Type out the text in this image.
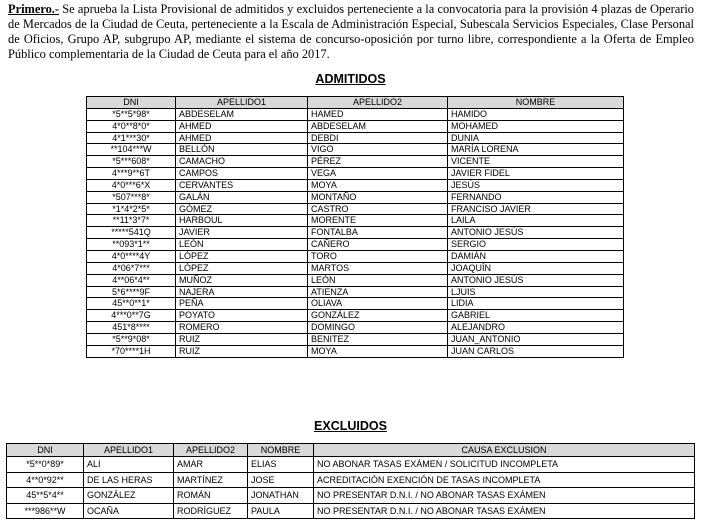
Primero.- Se aprueba la Lista Provisional de admitidos y excluidos perteneciente a la convocatoria para la provisión 4 plazas de Operario de Mercados de la Ciudad de Ceuta, perteneciente a la Escala de Administración Especial, Subescala Servicios Especiales, Clase Personal de Oficios, Grupo AP, subgrupo AP, mediante el sistema de concurso-oposición por turno libre, correspondiente a la Oferta de Empleo Público complementaria de la Ciudad de Ceuta para el año 2017.
ADMITIDOS
DNI	APELLIDO1	APELLIDO2	NOMBRE
*5**5*98*	ABDESELAM	HAMED	HAMIDO
4*0**8*0*	AHMED	ABDESELAM	MOHAMED
4*1***30*	AHMED	DEBDI	DUNIA
**104***W	BELLÓN	VIGO	MARÍA LORENA
*5***608*	CAMACHO	PÉREZ	VICENTE
4***9**6T	CAMPOS	VEGA	JAVIER FIDEL
4*0***6*X	CERVANTES	MOYA	JESÚS
*507***8*	GALÁN	MONTAÑO	FERNANDO
*1*4*2*5*	GÓMEZ	CASTRO	FRANCISO JAVIER
**11*3*7*	HARBOUL	MORENTE	LAILA
*****541Q	JAVIER	FONTALBA	ANTONIO JESÚS
**093*1**	LEÓN	CAÑERO	SERGIO
4*0****4Y	LÓPEZ	TORO	DAMIÁN
4*06*7***	LÓPEZ	MARTOS	JOAQUÍN
4**06*4**	MUÑOZ	LEÓN	ANTONIO JESÚS
5*6****9F	NAJERA	ATIENZA	LJUIS
45**0**1*	PEÑA	OLIAVA	LIDIA
4***0**7G	POYATO	GONZÁLEZ	GABRIEL
451*8****	ROMERO	DOMINGO	ALEJANDRO
*5**9*08*	RUIZ	BENITEZ	JUAN_ANTONIO
*70****1H	RUIZ	MOYA	JUAN CARLOS
EXCLUIDOS
DNI	APELLIDO1	APELLIDO2	NOMBRE	CAUSA EXCLUSION
*5**0*89*	ALI	AMAR	ELIAS	NO ABONAR TASAS EXÁMEN / SOLICITUD INCOMPLETA
4**0*92**	DE LAS HERAS	MARTÍNEZ	JOSE	ACREDITACIÓN EXENCIÓN DE TASAS INCOMPLETA
45**5*4**	GONZÁLEZ	ROMÁN	JONATHAN	NO PRESENTAR D.N.I. / NO ABONAR TASAS EXÁMEN
***986**W	OCAÑA	RODRÍGUEZ	PAULA	NO PRESENTAR D.N.I. / NO ABONAR TASAS EXÁMEN
